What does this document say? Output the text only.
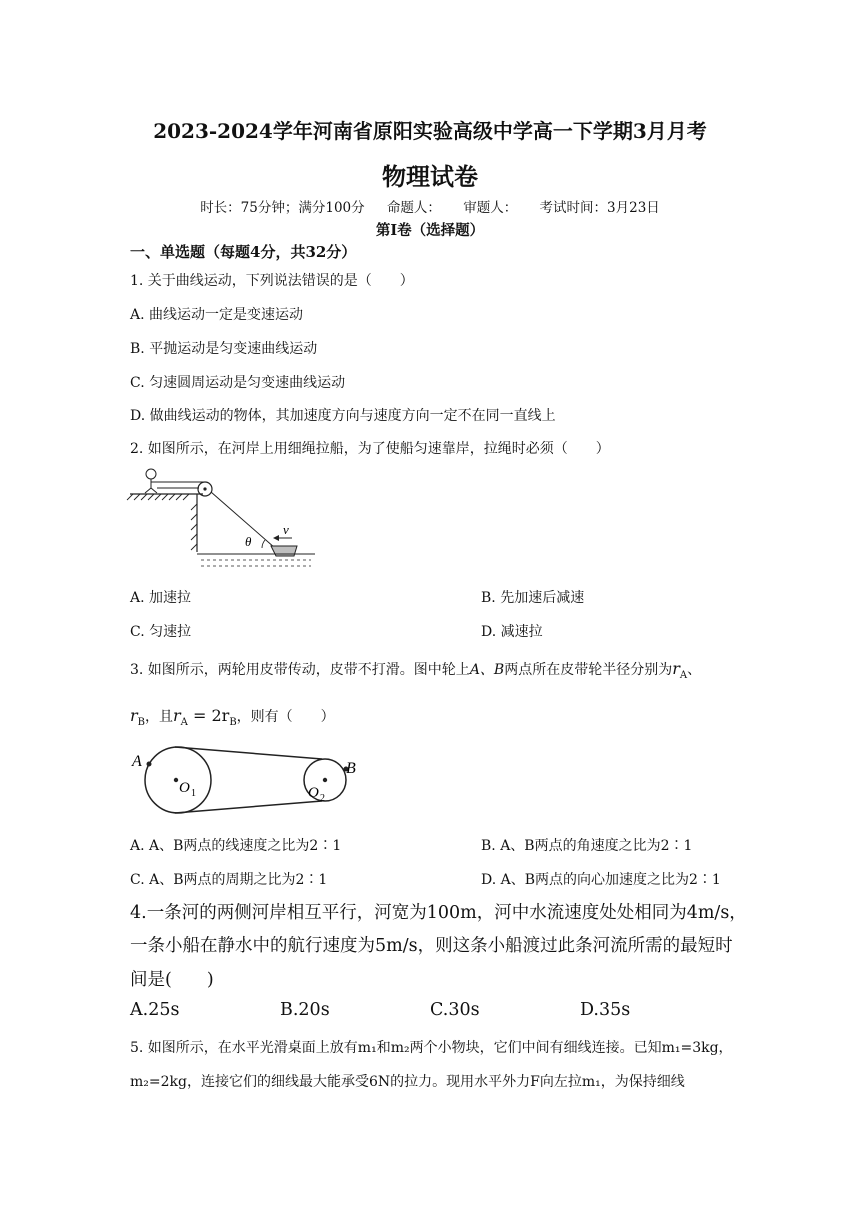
2023-2024学年河南省原阳实验高级中学高一下学期3月月考
物理试卷
时长：75分钟；满分100分 命题人： 审题人： 考试时间：3月23日
第Ⅰ卷（选择题）
一、单选题（每题4分，共32分）
1. 关于曲线运动，下列说法错误的是（　　）
A. 曲线运动一定是变速运动
B. 平抛运动是匀变速曲线运动
C. 匀速圆周运动是匀变速曲线运动
D. 做曲线运动的物体，其加速度方向与速度方向一定不在同一直线上
2. 如图所示，在河岸上用细绳拉船，为了使船匀速靠岸，拉绳时必须（　　）
θ
v
A. 加速拉	B. 先加速后减速
C. 匀速拉	D. 减速拉
3. 如图所示，两轮用皮带传动，皮带不打滑。图中轮上A、B两点所在皮带轮半径分别为$r_A$、
$r_B$，且$r_A = 2r_B$，则有（　　）
A	B
O 1	O 2
A. A、B两点的线速度之比为2∶1	B. A、B两点的角速度之比为2∶1
C. A、B两点的周期之比为2∶1	D. A、B两点的向心加速度之比为2∶1
4.一条河的两侧河岸相互平行，河宽为100m，河中水流速度处处相同为4m/s，
一条小船在静水中的航行速度为5m/s，则这条小船渡过此条河流所需的最短时
间是(　　)
A.25s	B.20s	C.30s	D.35s
5. 如图所示，在水平光滑桌面上放有m₁和m₂两个小物块，它们中间有细线连接。已知m₁=3kg，
m₂=2kg，连接它们的细线最大能承受6N的拉力。现用水平外力F向左拉m₁，为保持细线
